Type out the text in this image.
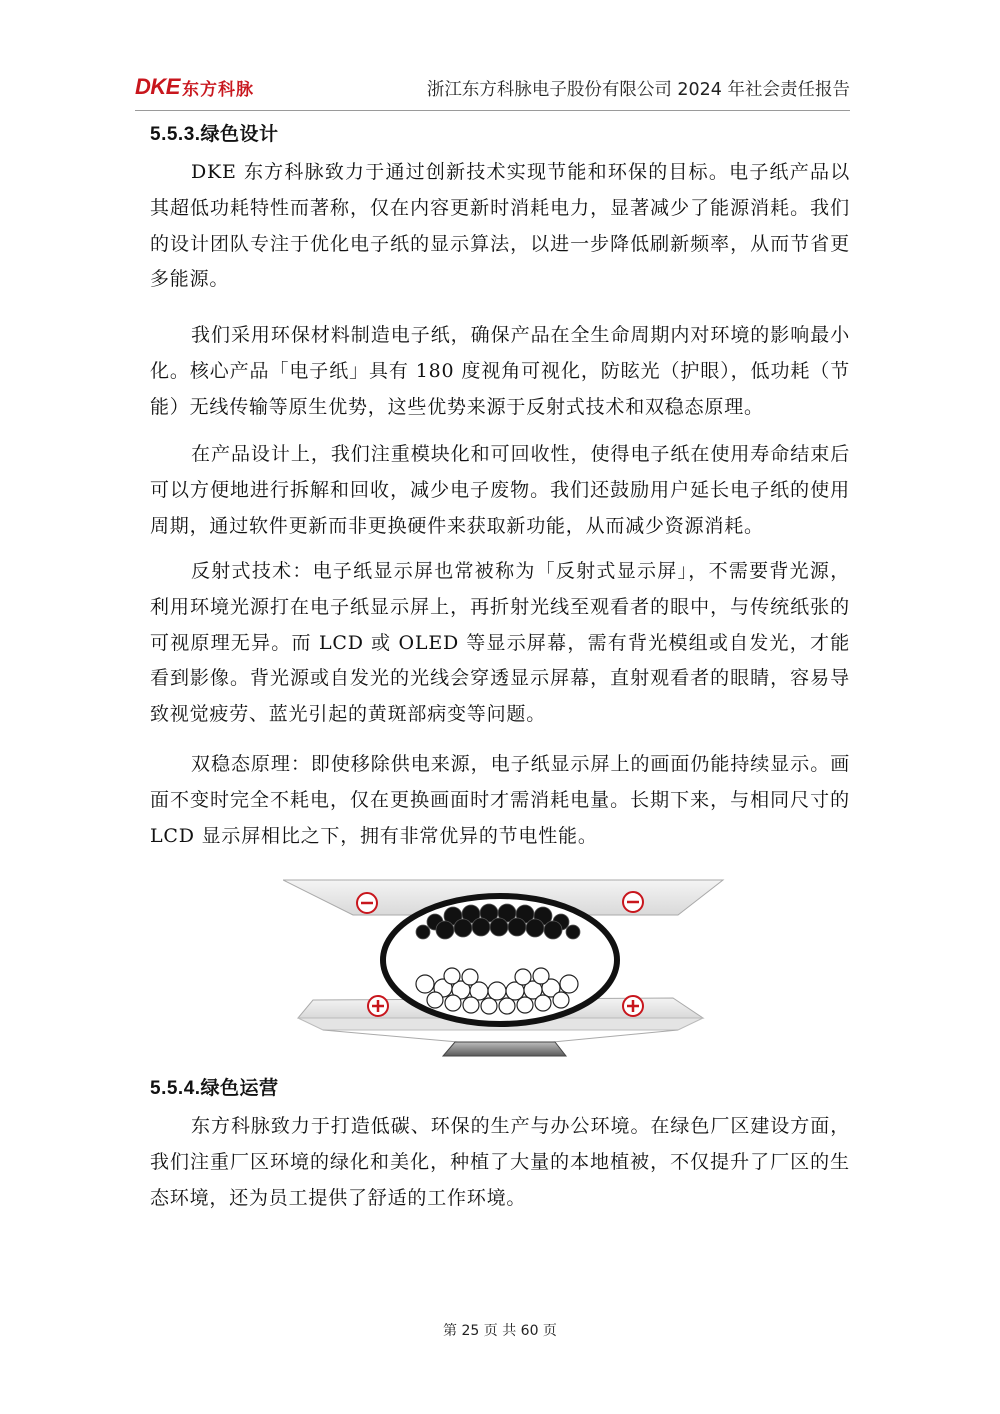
DKE 东方科脉	浙江东方科脉电子股份有限公司 2024 年社会责任报告
5.5.3.绿色设计

DKE 东方科脉致力于通过创新技术实现节能和环保的目标。电子纸产品以其超低功耗特性而著称，仅在内容更新时消耗电力，显著减少了能源消耗。我们的设计团队专注于优化电子纸的显示算法，以进一步降低刷新频率，从而节省更多能源。

我们采用环保材料制造电子纸，确保产品在全生命周期内对环境的影响最小化。核心产品「电子纸」具有 180 度视角可视化，防眩光（护眼），低功耗（节能）无线传输等原生优势，这些优势来源于反射式技术和双稳态原理。

在产品设计上，我们注重模块化和可回收性，使得电子纸在使用寿命结束后可以方便地进行拆解和回收，减少电子废物。我们还鼓励用户延长电子纸的使用周期，通过软件更新而非更换硬件来获取新功能，从而减少资源消耗。

反射式技术：电子纸显示屏也常被称为「反射式显示屏」，不需要背光源，利用环境光源打在电子纸显示屏上，再折射光线至观看者的眼中，与传统纸张的可视原理无异。而 LCD 或 OLED 等显示屏幕，需有背光模组或自发光，才能看到影像。背光源或自发光的光线会穿透显示屏幕，直射观看者的眼睛，容易导致视觉疲劳、蓝光引起的黄斑部病变等问题。

双稳态原理：即使移除供电来源，电子纸显示屏上的画面仍能持续显示。画面不变时完全不耗电，仅在更换画面时才需消耗电量。长期下来，与相同尺寸的 LCD 显示屏相比之下，拥有非常优异的节电性能。

5.5.4.绿色运营

东方科脉致力于打造低碳、环保的生产与办公环境。在绿色厂区建设方面，我们注重厂区环境的绿化和美化，种植了大量的本地植被，不仅提升了厂区的生态环境，还为员工提供了舒适的工作环境。

第 25 页 共 60 页
